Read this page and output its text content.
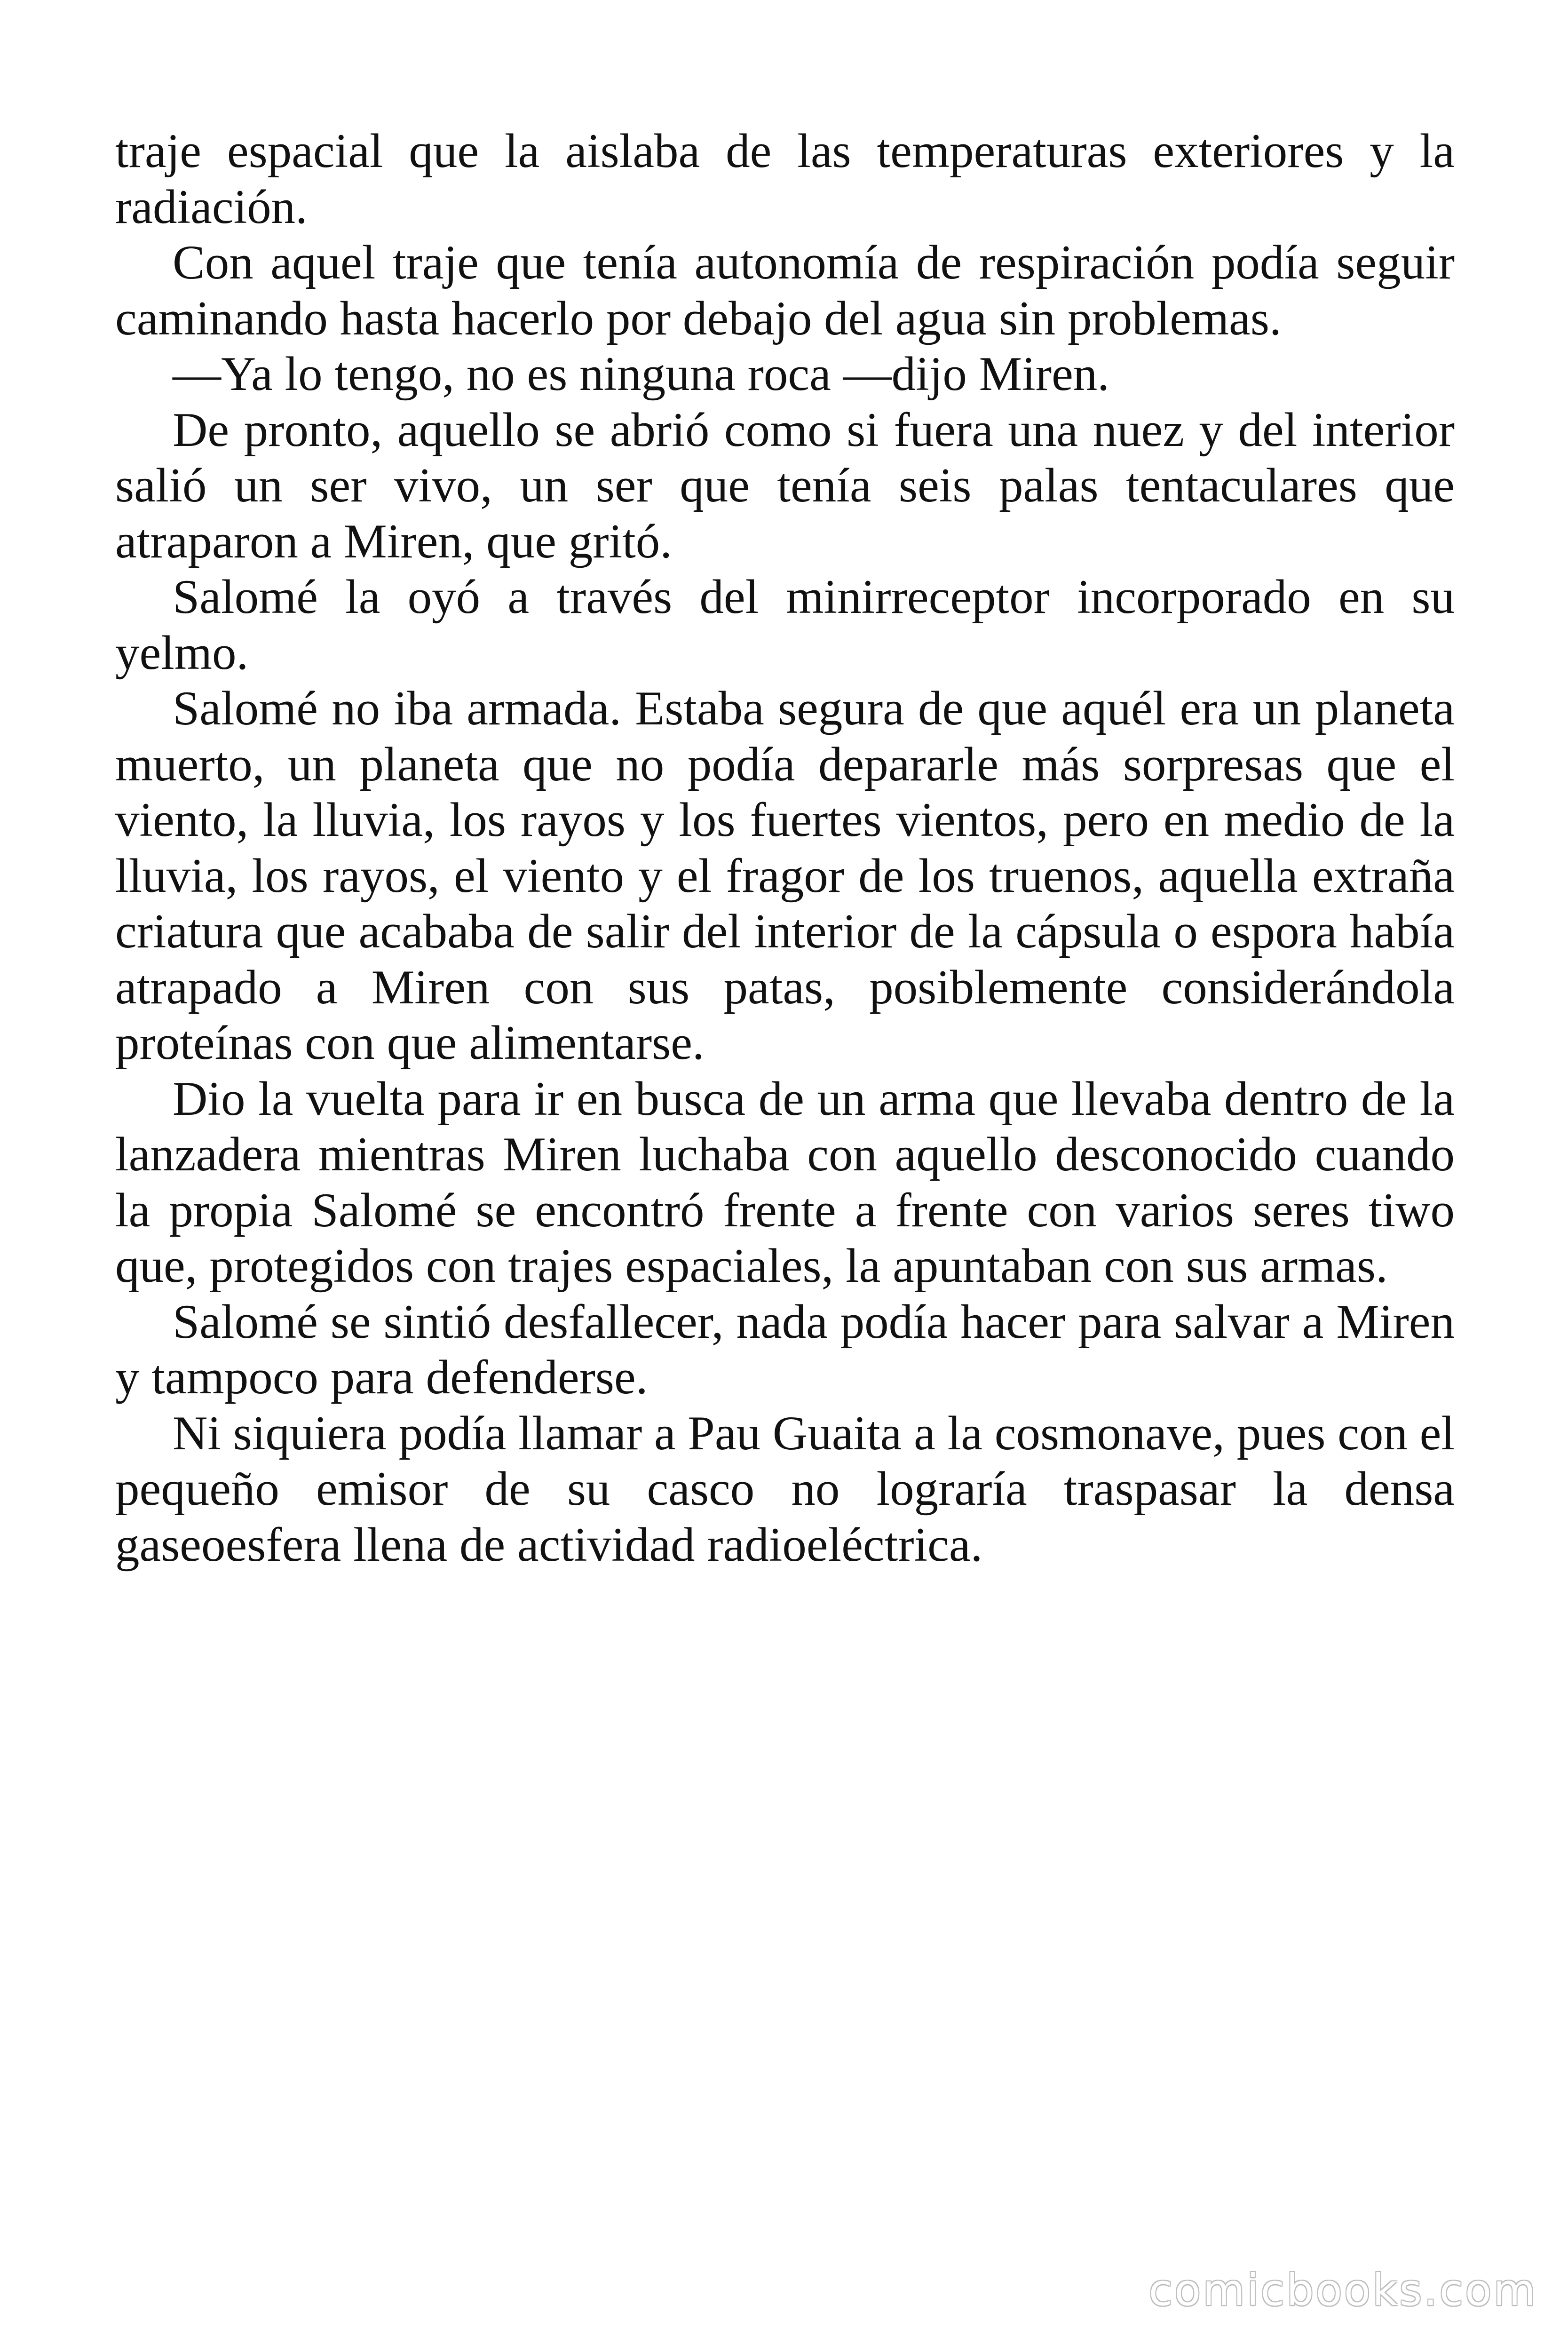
traje espacial que la aislaba de las temperaturas exteriores y la radiación.

Con aquel traje que tenía autonomía de respiración podía seguir caminando hasta hacerlo por debajo del agua sin problemas.

—Ya lo tengo, no es ninguna roca —dijo Miren.

De pronto, aquello se abrió como si fuera una nuez y del interior salió un ser vivo, un ser que tenía seis palas tentaculares que atraparon a Miren, que gritó.

Salomé la oyó a través del minirreceptor incorporado en su yelmo.

Salomé no iba armada. Estaba segura de que aquél era un planeta muerto, un planeta que no podía depararle más sorpresas que el viento, la lluvia, los rayos y los fuertes vientos, pero en medio de la lluvia, los rayos, el viento y el fragor de los truenos, aquella extraña criatura que acababa de salir del interior de la cápsula o espora había atrapado a Miren con sus patas, posiblemente considerándola proteínas con que alimentarse.

Dio la vuelta para ir en busca de un arma que llevaba dentro de la lanzadera mientras Miren luchaba con aquello desconocido cuando la propia Salomé se encontró frente a frente con varios seres tiwo que, protegidos con trajes espaciales, la apuntaban con sus armas.

Salomé se sintió desfallecer, nada podía hacer para salvar a Miren y tampoco para defenderse.

Ni siquiera podía llamar a Pau Guaita a la cosmonave, pues con el pequeño emisor de su casco no lograría traspasar la densa gaseoesfera llena de actividad radioeléctrica.

comicbooks.com
